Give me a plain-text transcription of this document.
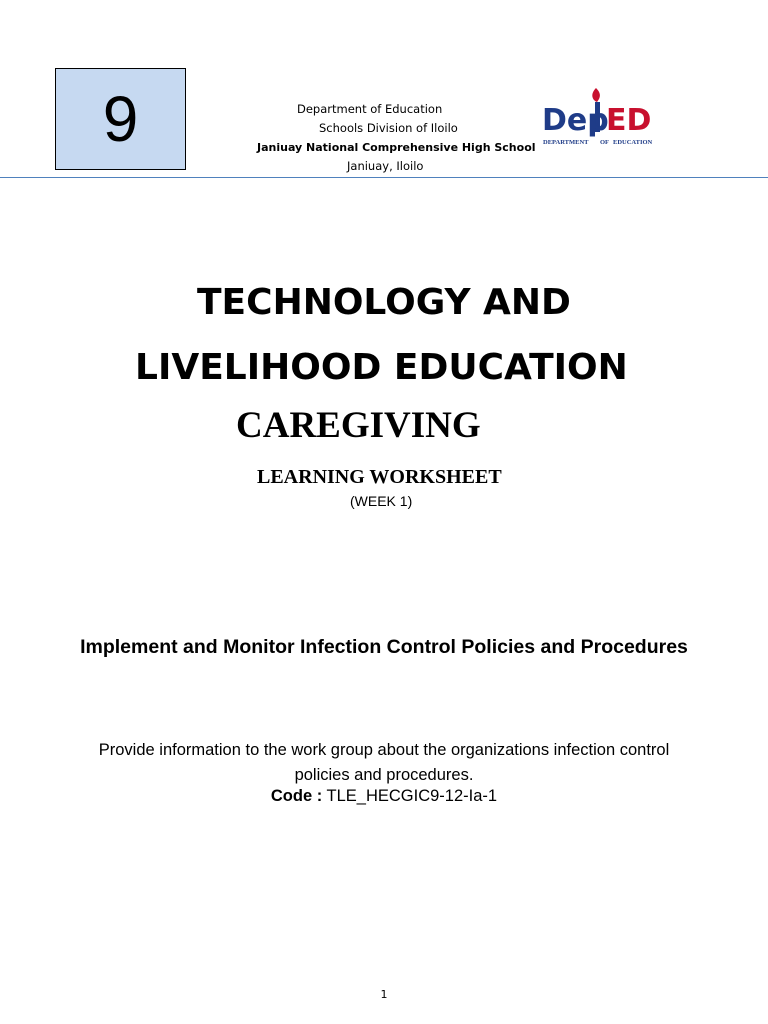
9	Department of Education
Schools Division of Iloilo
Janiuay National Comprehensive High School
Janiuay, Iloilo
Dep
ED
DEPARTMENT OF EDUCATION
TECHNOLOGY AND
LIVELIHOOD EDUCATION
CAREGIVING
LEARNING WORKSHEET
(WEEK 1)
Implement and Monitor Infection Control Policies and Procedures
Provide information to the work group about the organizations infection control policies and procedures.
Code : TLE_HECGIC9-12-Ia-1
1
